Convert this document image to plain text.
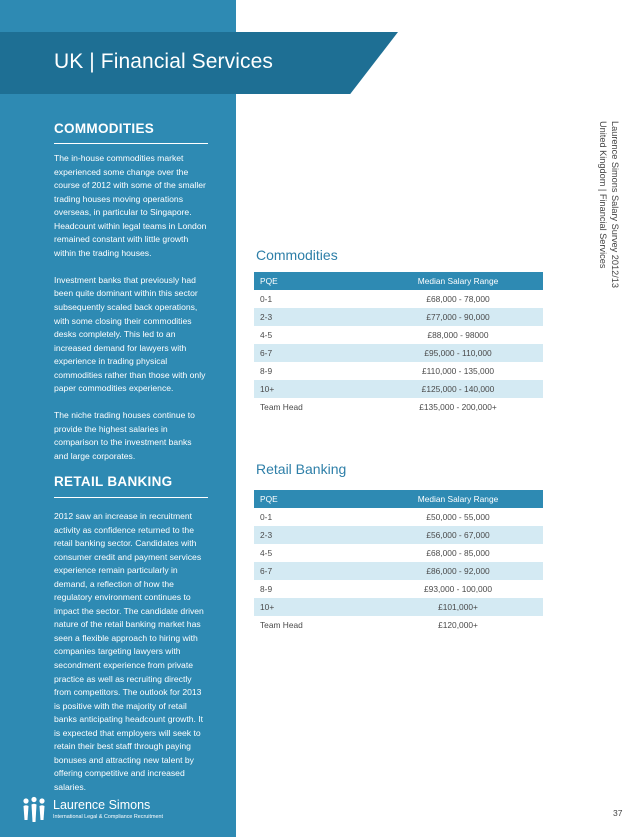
UK | Financial Services
COMMODITIES

The in-house commodities market experienced some change over the course of 2012 with some of the smaller trading houses moving operations overseas, in particular to Singapore. Headcount within legal teams in London remained constant with little growth within the trading houses.

Investment banks that previously had been quite dominant within this sector subsequently scaled back operations, with some closing their commodities desks completely. This led to an increased demand for lawyers with experience in trading physical commodities rather than those with only paper commodities experience.

The niche trading houses continue to provide the highest salaries in comparison to the investment banks and large corporates.

RETAIL BANKING

2012 saw an increase in recruitment activity as confidence returned to the retail banking sector. Candidates with consumer credit and payment services experience remain particularly in demand, a reflection of how the regulatory environment continues to impact the sector. The candidate driven nature of the retail banking market has seen a flexible approach to hiring with companies targeting lawyers with secondment experience from private practice as well as recruiting directly from competitors. The outlook for 2013 is positive with the majority of retail banks anticipating headcount growth. It is expected that employers will seek to retain their best staff through paying bonuses and attracting new talent by offering competitive and increased salaries.

Laurence Simons
International Legal & Compliance Recruitment
Commodities
PQE	Median Salary Range
0-1	£68,000 - 78,000
2-3	£77,000 - 90,000
4-5	£88,000 - 98000
6-7	£95,000 - 110,000
8-9	£110,000 - 135,000
10+	£125,000 - 140,000
Team Head	£135,000 - 200,000+
Retail Banking
PQE	Median Salary Range
0-1	£50,000 - 55,000
2-3	£56,000 - 67,000
4-5	£68,000 - 85,000
6-7	£86,000 - 92,000
8-9	£93,000 - 100,000
10+	£101,000+
Team Head	£120,000+
Laurence Simons Salary Survey 2012/13
United Kingdom | Financial Services
37
